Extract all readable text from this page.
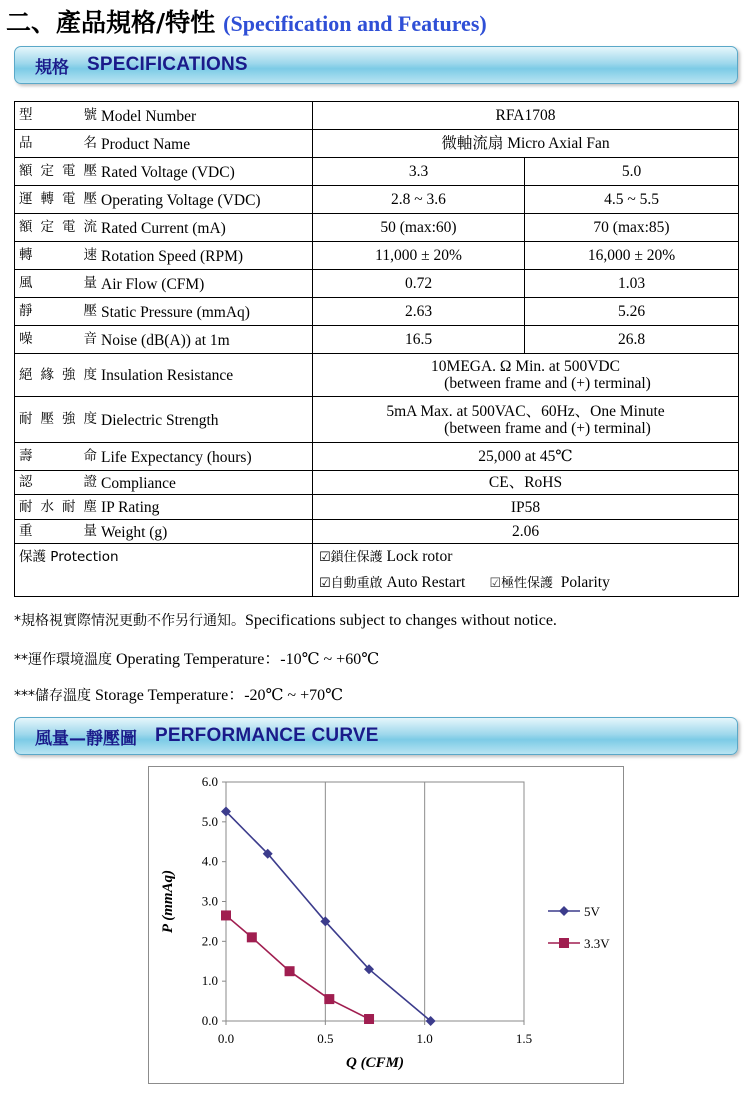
二、產品規格/特性 (Specification and Features)
規格 SPECIFICATIONS
型號 Model Number	RFA1708	
品名 Product Name	微軸流扇 Micro Axial Fan	
額定電壓 Rated Voltage (VDC)	3.3	5.0
運轉電壓 Operating Voltage (VDC)	2.8 ~ 3.6	4.5 ~ 5.5
額定電流 Rated Current (mA)	50 (max:60)	70 (max:85)
轉速 Rotation Speed (RPM)	11,000 ± 20%	16,000 ± 20%
風量 Air Flow (CFM)	0.72	1.03
靜壓 Static Pressure (mmAq)	2.63	5.26
噪音 Noise (dB(A)) at 1m	16.5	26.8
絕緣強度 Insulation Resistance	10MEGA. Ω Min. at 500VDC
(between frame and (+) terminal)	

耐壓強度 Dielectric Strength	5mA Max. at 500VAC、60Hz、One Minute
(between frame and (+) terminal)	

壽命 Life Expectancy (hours)	25,000 at 45℃	
認證 Compliance	CE、RoHS	
耐水耐塵 IP Rating	IP58	
重量 Weight (g)	2.06	
保護 Protection	☑鎖住保護 Lock rotor
☑自動重啟 Auto Restart ☑極性保護 Polarity	
*規格視實際情況更動不作另行通知。Specifications subject to changes without notice.
**運作環境溫度 Operating Temperature：-10℃ ~ +60℃
***儲存溫度 Storage Temperature：-20℃ ~ +70℃
風量—靜壓圖 PERFORMANCE CURVE
0.0	0.5	1.0	1.5
0.0
1.0
2.0
3.0
4.0
5.0
6.0
Q (CFM)
P (mmAq)	5V
3.3V
